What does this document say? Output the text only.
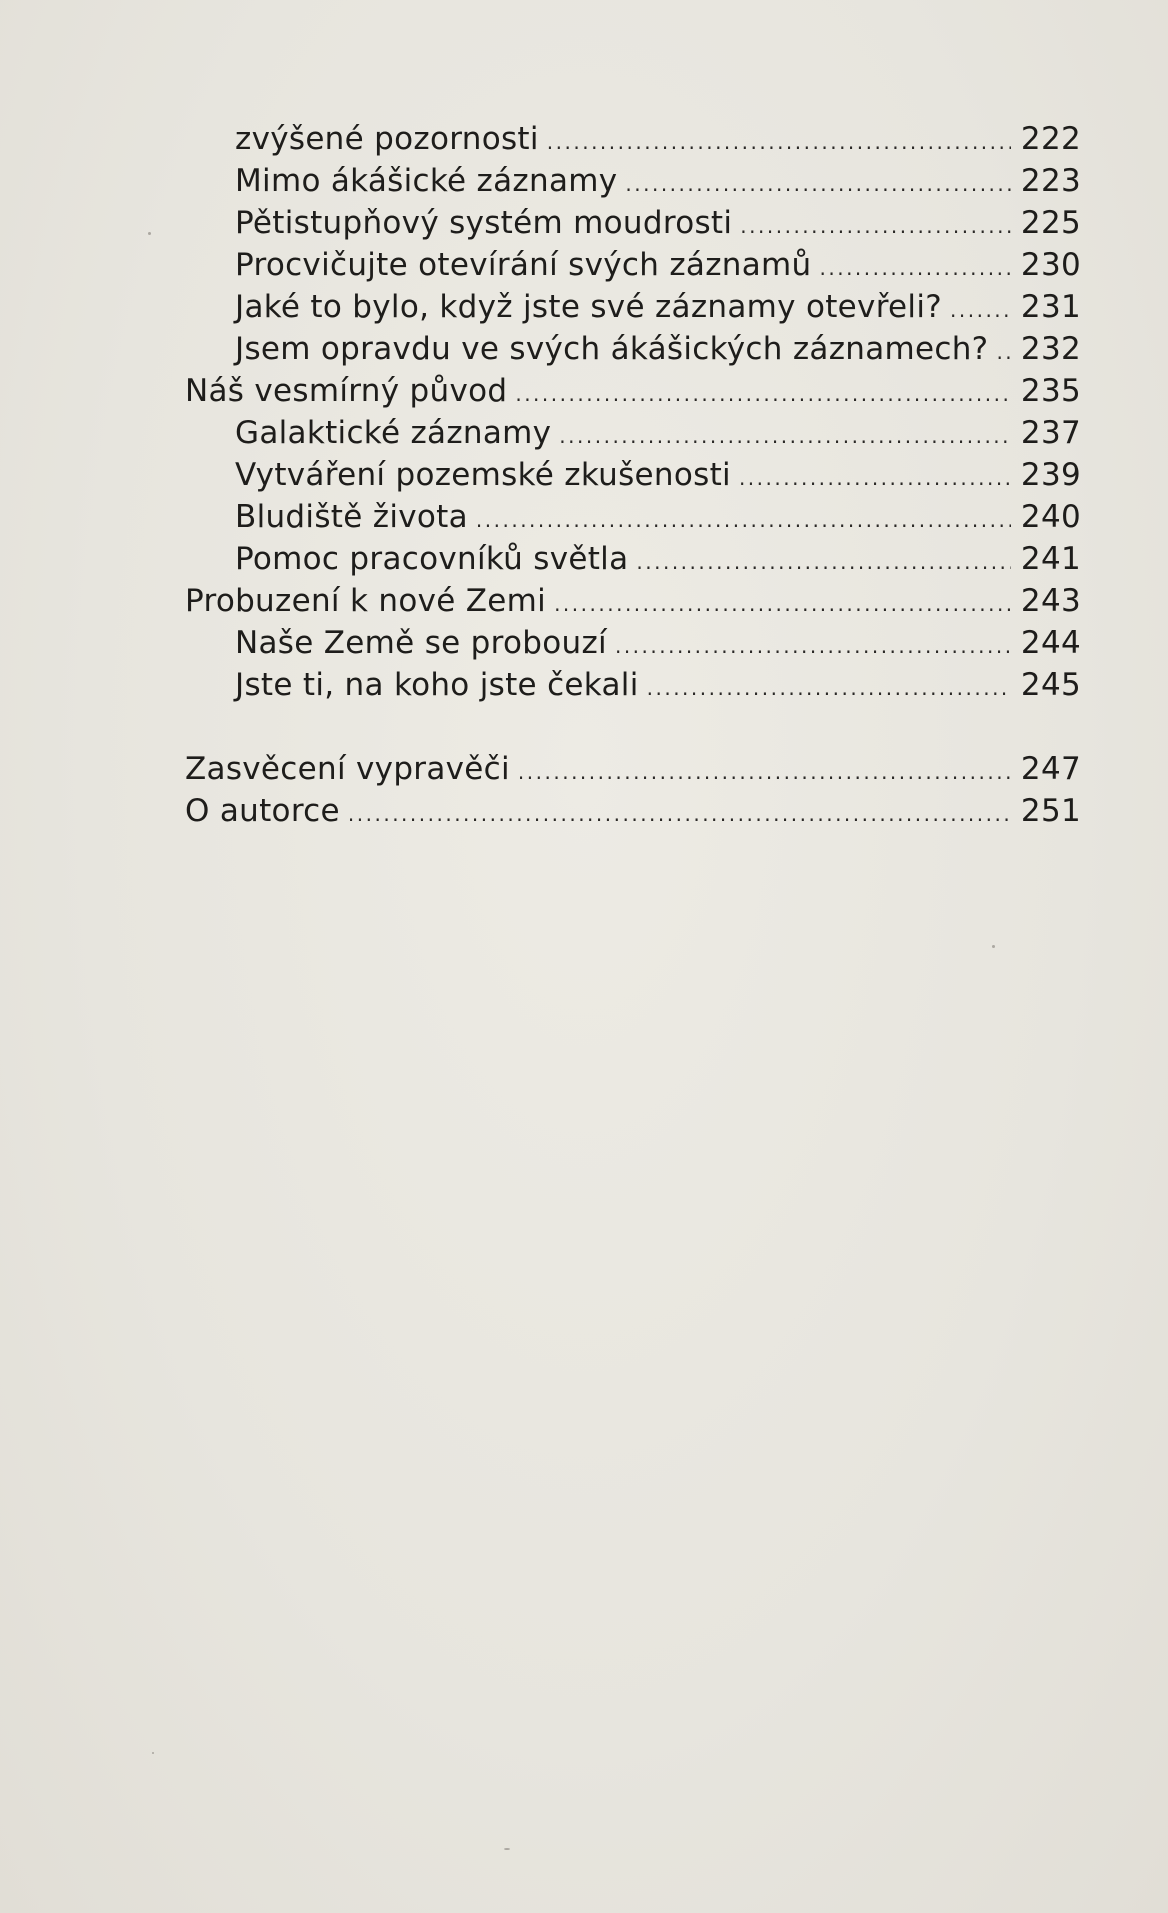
zvýšené pozornosti .....	222
Mimo ákášické záznamy .....	223
Pětistupňový systém moudrosti .....	225
Procvičujte otevírání svých záznamů .....	230
Jaké to bylo, když jste své záznamy otevřeli? .....	231
Jsem opravdu ve svých ákášických záznamech? ..... 232
Náš vesmírný původ .....	235
Galaktické záznamy .....	237
Vytváření pozemské zkušenosti .....	239
Bludiště života .....	240
Pomoc pracovníků světla .....	241
Probuzení k nové Zemi .....	243
Naše Země se probouzí .....	244
Jste ti, na koho jste čekali .....	245
Zasvěcení vypravěči .....	247
O autorce .....	251
